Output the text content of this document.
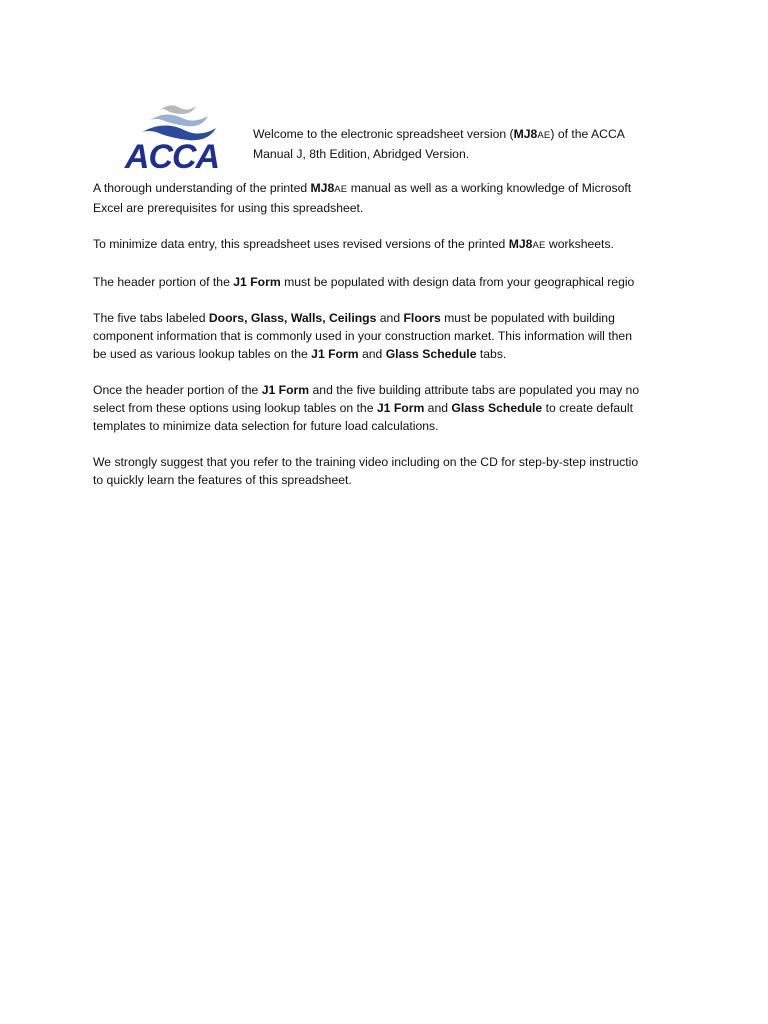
ACCA
Welcome to the electronic spreadsheet version (MJ8AE) of the ACCA
Manual J, 8th Edition, Abridged Version.

A thorough understanding of the printed MJ8AE manual as well as a working knowledge of Microsoft
Excel are prerequisites for using this spreadsheet.

To minimize data entry, this spreadsheet uses revised versions of the printed MJ8AE worksheets.

The header portion of the J1 Form must be populated with design data from your geographical regio

The five tabs labeled Doors, Glass, Walls, Ceilings and Floors must be populated with building
component information that is commonly used in your construction market. This information will then
be used as various lookup tables on the J1 Form and Glass Schedule tabs.

Once the header portion of the J1 Form and the five building attribute tabs are populated you may no
select from these options using lookup tables on the J1 Form and Glass Schedule to create default
templates to minimize data selection for future load calculations.

We strongly suggest that you refer to the training video including on the CD for step-by-step instructio
to quickly learn the features of this spreadsheet.
